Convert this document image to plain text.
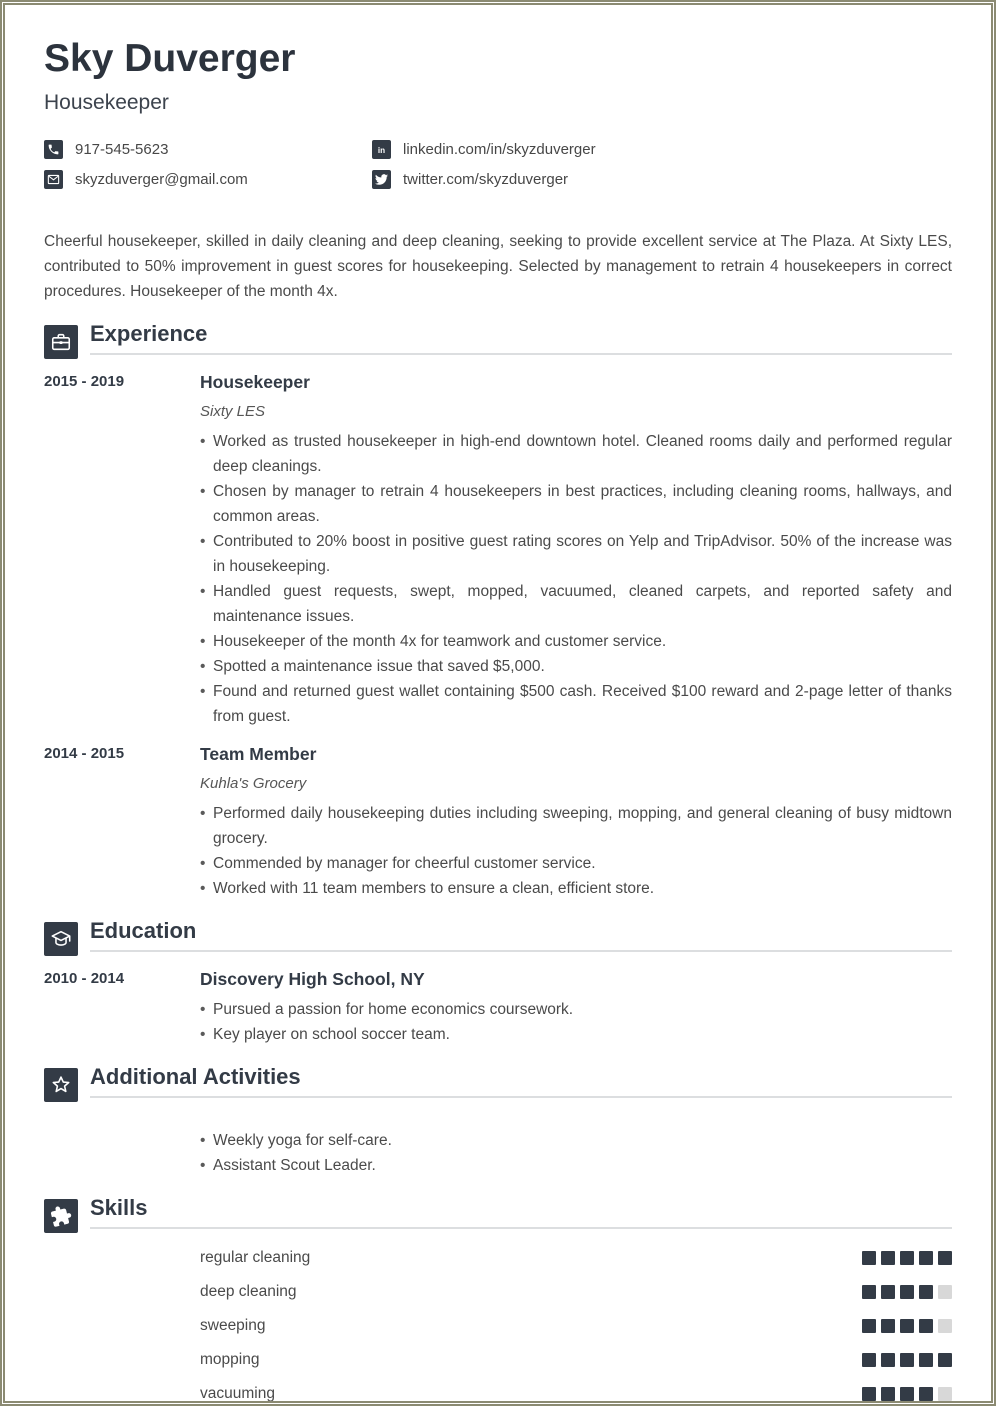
Sky Duverger
Housekeeper
917-545-5623
skyzduverger@gmail.com
in linkedin.com/in/skyzduverger
twitter.com/skyzduverger

Cheerful housekeeper, skilled in daily cleaning and deep cleaning, seeking to provide excellent service at The Plaza. At Sixty LES, contributed to 50% improvement in guest scores for housekeeping. Selected by management to retrain 4 housekeepers in correct procedures. Housekeeper of the month 4x.

Experience
2015 - 2019	Housekeeper
Sixty LES
• Worked as trusted housekeeper in high-end downtown hotel. Cleaned rooms daily and performed regular deep cleanings.
• Chosen by manager to retrain 4 housekeepers in best practices, including cleaning rooms, hallways, and common areas.
• Contributed to 20% boost in positive guest rating scores on Yelp and TripAdvisor. 50% of the increase was in housekeeping.
• Handled guest requests, swept, mopped, vacuumed, cleaned carpets, and reported safety and maintenance issues.
• Housekeeper of the month 4x for teamwork and customer service.
• Spotted a maintenance issue that saved $5,000.
• Found and returned guest wallet containing $500 cash. Received $100 reward and 2-page letter of thanks from guest.
2014 - 2015	Team Member
Kuhla's Grocery
• Performed daily housekeeping duties including sweeping, mopping, and general cleaning of busy midtown grocery.
• Commended by manager for cheerful customer service.
• Worked with 11 team members to ensure a clean, efficient store.
Education
2010 - 2014	Discovery High School, NY
• Pursued a passion for home economics coursework.
• Key player on school soccer team.
Additional Activities
• Weekly yoga for self-care.
• Assistant Scout Leader.
Skills
regular cleaning
deep cleaning
sweeping
mopping
vacuuming
